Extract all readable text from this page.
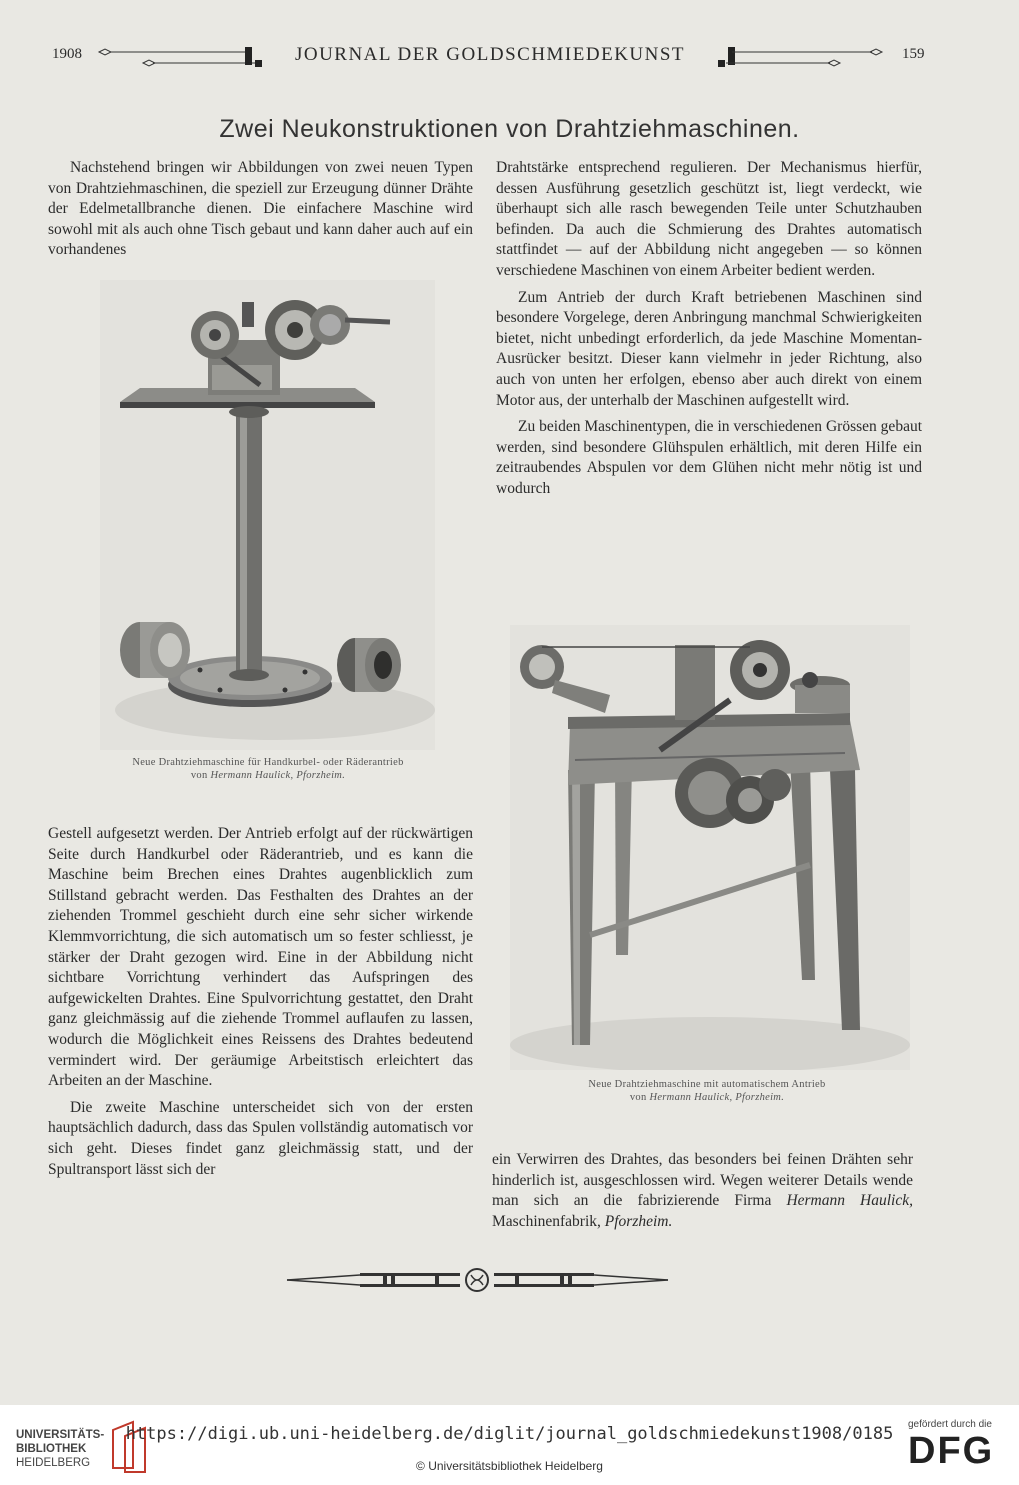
1908	JOURNAL DER GOLDSCHMIEDEKUNST	159
Zwei Neukonstruktionen von Drahtziehmaschinen.

Nachstehend bringen wir Abbildungen von zwei neuen Typen von Drahtziehmaschinen, die speziell zur Erzeugung dünner Drähte der Edelmetallbranche dienen. Die einfachere Maschine wird sowohl mit als auch ohne Tisch gebaut und kann daher auch auf ein vorhandenes

Drahtstärke entsprechend regulieren. Der Mechanismus hierfür, dessen Ausführung gesetzlich geschützt ist, liegt verdeckt, wie überhaupt sich alle rasch bewegenden Teile unter Schutzhauben befinden. Da auch die Schmierung des Drahtes automatisch stattfindet — auf der Abbildung nicht angegeben — so können verschiedene Maschinen von einem Arbeiter bedient werden.

Zum Antrieb der durch Kraft betriebenen Maschinen sind besondere Vorgelege, deren Anbringung manchmal Schwierigkeiten bietet, nicht unbedingt erforderlich, da jede Maschine Momentan-Ausrücker besitzt. Dieser kann vielmehr in jeder Richtung, also auch von unten her erfolgen, ebenso aber auch direkt von einem Motor aus, der unterhalb der Maschinen aufgestellt wird.

Zu beiden Maschinentypen, die in verschiedenen Grössen gebaut werden, sind besondere Glühspulen erhältlich, mit deren Hilfe ein zeitraubendes Abspulen vor dem Glühen nicht mehr nötig ist und wodurch

Neue Drahtziehmaschine für Handkurbel- oder Räderantrieb
von Hermann Haulick, Pforzheim.
Neue Drahtziehmaschine mit automatischem Antrieb
von Hermann Haulick, Pforzheim.

Gestell aufgesetzt werden. Der Antrieb erfolgt auf der rückwärtigen Seite durch Handkurbel oder Räderantrieb, und es kann die Maschine beim Brechen eines Drahtes augenblicklich zum Stillstand gebracht werden. Das Festhalten des Drahtes an der ziehenden Trommel geschieht durch eine sehr sicher wirkende Klemmvorrichtung, die sich automatisch um so fester schliesst, je stärker der Draht gezogen wird. Eine in der Abbildung nicht sichtbare Vorrichtung verhindert das Aufspringen des aufgewickelten Drahtes. Eine Spulvorrichtung gestattet, den Draht ganz gleichmässig auf die ziehende Trommel auflaufen zu lassen, wodurch die Möglichkeit eines Reissens des Drahtes bedeutend vermindert wird. Der geräumige Arbeitstisch erleichtert das Arbeiten an der Maschine.

Die zweite Maschine unterscheidet sich von der ersten hauptsächlich dadurch, dass das Spulen vollständig automatisch vor sich geht. Dieses findet ganz gleichmässig statt, und der Spultransport lässt sich der

ein Verwirren des Drahtes, das besonders bei feinen Drähten sehr hinderlich ist, ausgeschlossen wird. Wegen weiterer Details wende man sich an die fabrizierende Firma Hermann Haulick, Maschinenfabrik, Pforzheim.

UNIVERSITÄTS-
BIBLIOTHEK
HEIDELBERG
https://digi.ub.uni-heidelberg.de/diglit/journal_goldschmiedekunst1908/0185
© Universitätsbibliothek Heidelberg
gefördert durch die
DFG
